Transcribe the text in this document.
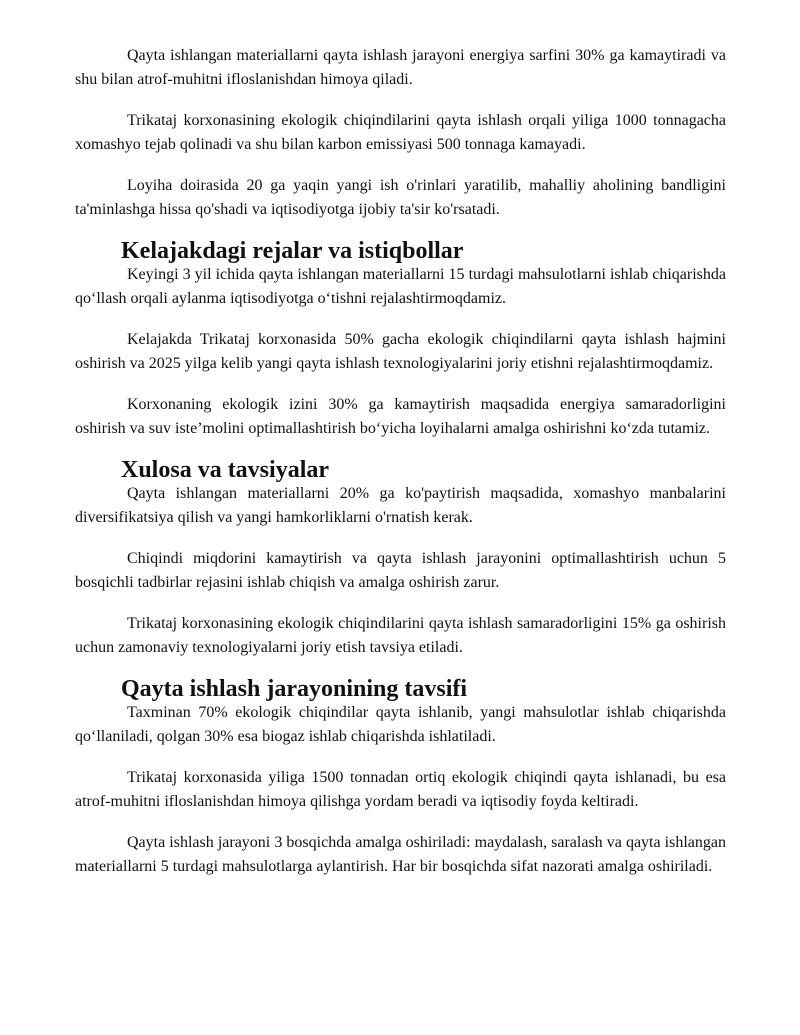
Qayta ishlangan materiallarni qayta ishlash jarayoni energiya sarfini 30% ga kamaytiradi va shu bilan atrof-muhitni ifloslanishdan himoya qiladi.

Trikataj korxonasining ekologik chiqindilarini qayta ishlash orqali yiliga 1000 tonnagacha xomashyo tejab qolinadi va shu bilan karbon emissiyasi 500 tonnaga kamayadi.

Loyiha doirasida 20 ga yaqin yangi ish o'rinlari yaratilib, mahalliy aholining bandligini ta'minlashga hissa qo'shadi va iqtisodiyotga ijobiy ta'sir ko'rsatadi.

Kelajakdagi rejalar va istiqbollar

Keyingi 3 yil ichida qayta ishlangan materiallarni 15 turdagi mahsulotlarni ishlab chiqarishda qo‘llash orqali aylanma iqtisodiyotga o‘tishni rejalashtirmoqdamiz.

Kelajakda Trikataj korxonasida 50% gacha ekologik chiqindilarni qayta ishlash hajmini oshirish va 2025 yilga kelib yangi qayta ishlash texnologiyalarini joriy etishni rejalashtirmoqdamiz.

Korxonaning ekologik izini 30% ga kamaytirish maqsadida energiya samaradorligini oshirish va suv iste’molini optimallashtirish bo‘yicha loyihalarni amalga oshirishni ko‘zda tutamiz.

Xulosa va tavsiyalar

Qayta ishlangan materiallarni 20% ga ko'paytirish maqsadida, xomashyo manbalarini diversifikatsiya qilish va yangi hamkorliklarni o'rnatish kerak.

Chiqindi miqdorini kamaytirish va qayta ishlash jarayonini optimallashtirish uchun 5 bosqichli tadbirlar rejasini ishlab chiqish va amalga oshirish zarur.

Trikataj korxonasining ekologik chiqindilarini qayta ishlash samaradorligini 15% ga oshirish uchun zamonaviy texnologiyalarni joriy etish tavsiya etiladi.

Qayta ishlash jarayonining tavsifi

Taxminan 70% ekologik chiqindilar qayta ishlanib, yangi mahsulotlar ishlab chiqarishda qo‘llaniladi, qolgan 30% esa biogaz ishlab chiqarishda ishlatiladi.

Trikataj korxonasida yiliga 1500 tonnadan ortiq ekologik chiqindi qayta ishlanadi, bu esa atrof-muhitni ifloslanishdan himoya qilishga yordam beradi va iqtisodiy foyda keltiradi.

Qayta ishlash jarayoni 3 bosqichda amalga oshiriladi: maydalash, saralash va qayta ishlangan materiallarni 5 turdagi mahsulotlarga aylantirish. Har bir bosqichda sifat nazorati amalga oshiriladi.
